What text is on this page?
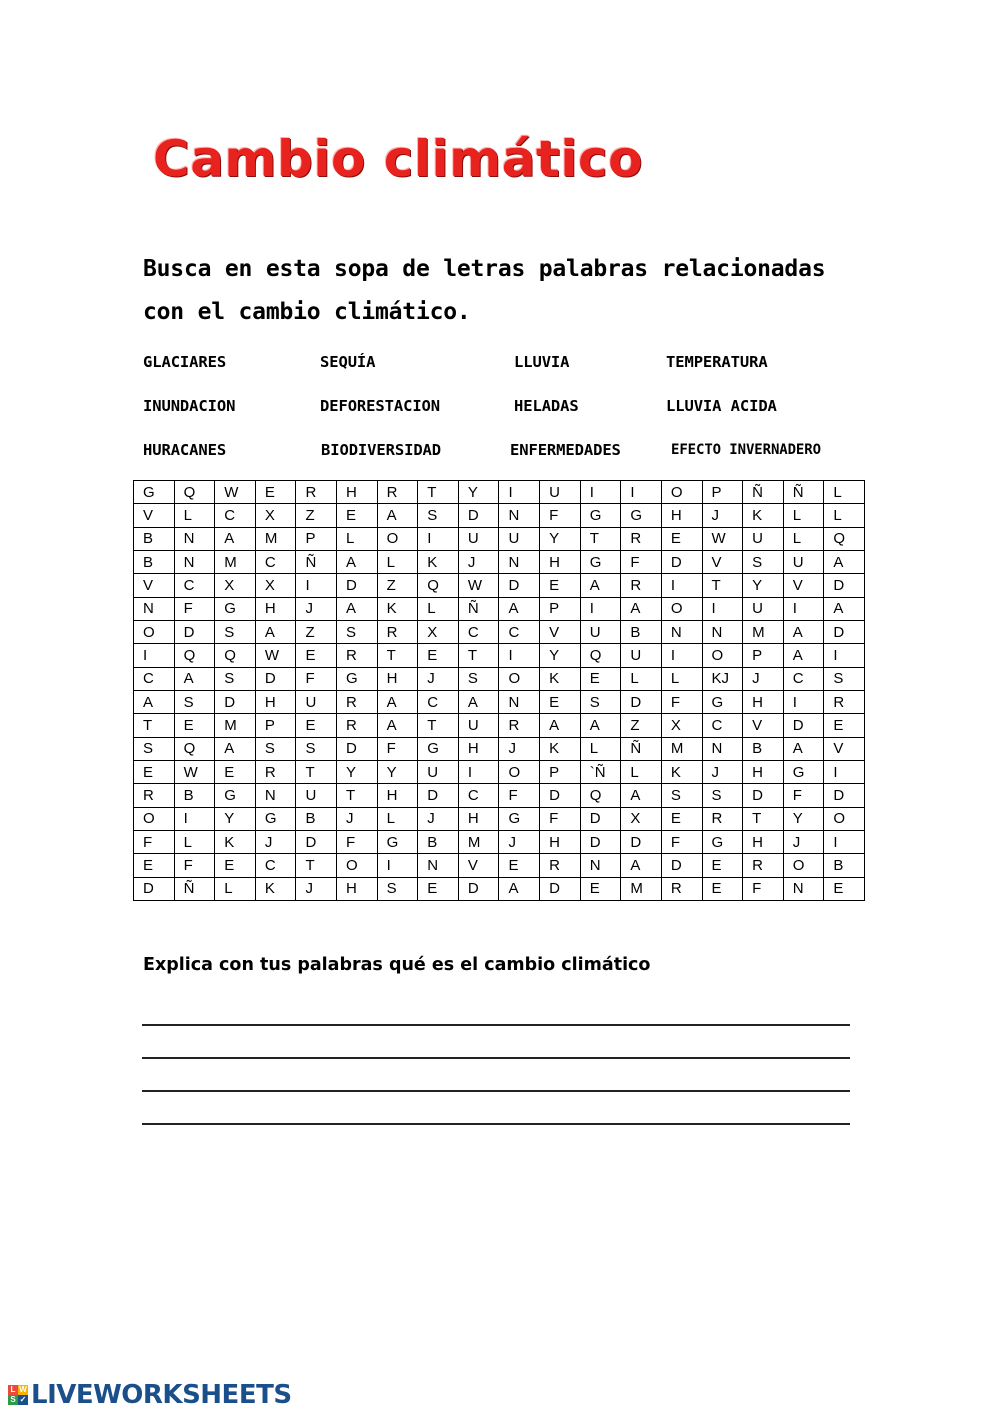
Cambio climático
Busca en esta sopa de letras palabras relacionadas con el cambio climático.
GLACIARES	SEQUÍA	LLUVIA	TEMPERATURA
INUNDACION	DEFORESTACION	HELADAS	LLUVIA ACIDA
HURACANES	BIODIVERSIDAD	ENFERMEDADES	EFECTO INVERNADERO
G	Q	W	E	R	H	R	T	Y	I	U	I	I	O	P	Ñ	Ñ	L
V	L	C	X	Z	E	A	S	D	N	F	G	G	H	J	K	L	L
B	N	A	M	P	L	O	I	U	U	Y	T	R	E	W	U	L	Q
B	N	M	C	Ñ	A	L	K	J	N	H	G	F	D	V	S	U	A
V	C	X	X	I	D	Z	Q	W	D	E	A	R	I	T	Y	V	D
N	F	G	H	J	A	K	L	Ñ	A	P	I	A	O	I	U	I	A
O	D	S	A	Z	S	R	X	C	C	V	U	B	N	N	M	A	D
I	Q	Q	W	E	R	T	E	T	I	Y	Q	U	I	O	P	A	I
C	A	S	D	F	G	H	J	S	O	K	E	L	L	KJ	J	C	S
A	S	D	H	U	R	A	C	A	N	E	S	D	F	G	H	I	R
T	E	M	P	E	R	A	T	U	R	A	A	Z	X	C	V	D	E
S	Q	A	S	S	D	F	G	H	J	K	L	Ñ	M	N	B	A	V
E	W	E	R	T	Y	Y	U	I	O	P	`Ñ	L	K	J	H	G	I
R	B	G	N	U	T	H	D	C	F	D	Q	A	S	S	D	F	D
O	I	Y	G	B	J	L	J	H	G	F	D	X	E	R	T	Y	O
F	L	K	J	D	F	G	B	M	J	H	D	D	F	G	H	J	I
E	F	E	C	T	O	I	N	V	E	R	N	A	D	E	R	O	B
D	Ñ	L	K	J	H	S	E	D	A	D	E	M	R	E	F	N	E
Explica con tus palabras qué es el cambio climático
L W
S ✓ LIVEWORKSHEETS
